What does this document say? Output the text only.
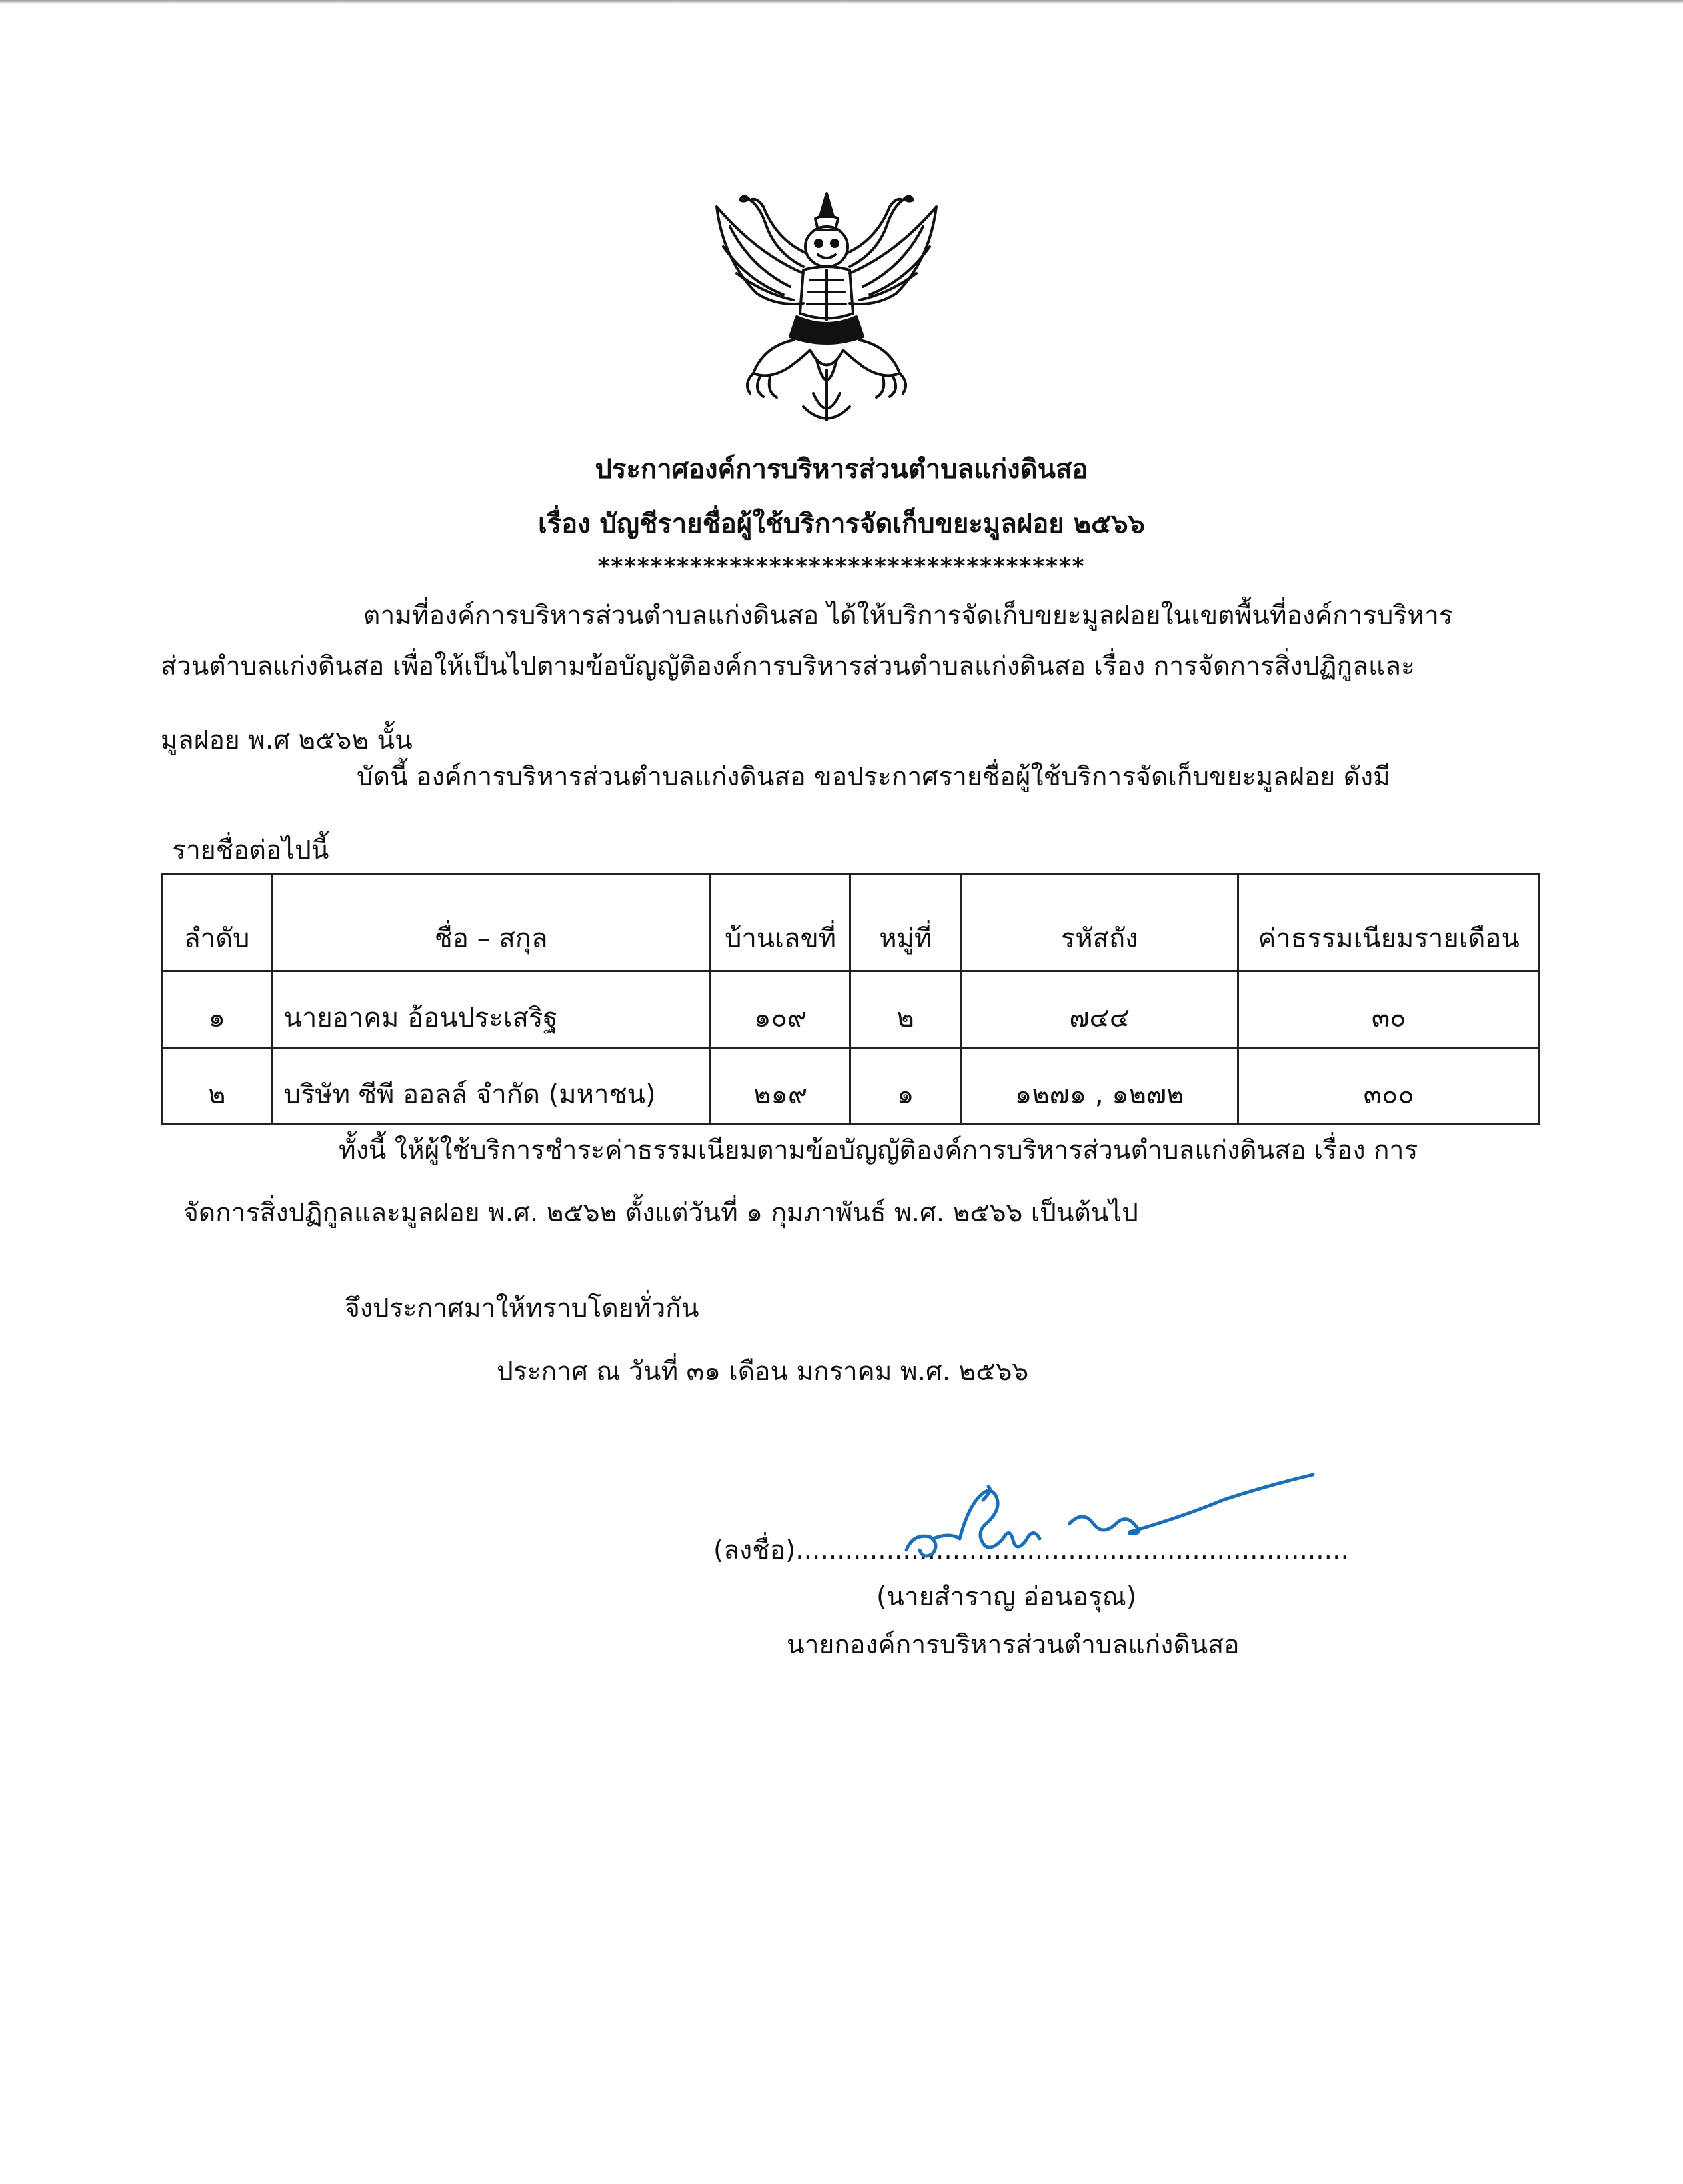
ประกาศองค์การบริหารส่วนตำบลแก่งดินสอ
เรื่อง บัญชีรายชื่อผู้ใช้บริการจัดเก็บขยะมูลฝอย ๒๕๖๖
*************************************
ตามที่องค์การบริหารส่วนตำบลแก่งดินสอ ได้ให้บริการจัดเก็บขยะมูลฝอยในเขตพื้นที่องค์การบริหาร
ส่วนตำบลแก่งดินสอ เพื่อให้เป็นไปตามข้อบัญญัติองค์การบริหารส่วนตำบลแก่งดินสอ เรื่อง การจัดการสิ่งปฏิกูลและ
มูลฝอย พ.ศ ๒๕๖๒ นั้น
บัดนี้ องค์การบริหารส่วนตำบลแก่งดินสอ ขอประกาศรายชื่อผู้ใช้บริการจัดเก็บขยะมูลฝอย ดังมี
รายชื่อต่อไปนี้
ลำดับ	ชื่อ – สกุล	บ้านเลขที่	หมู่ที่	รหัสถัง	ค่าธรรมเนียมรายเดือน
๑	นายอาคม อ้อนประเสริฐ	๑๐๙	๒	๗๔๔	๓๐
๒	บริษัท ซีพี ออลล์ จำกัด (มหาชน)	๒๑๙	๑	๑๒๗๑ , ๑๒๗๒	๓๐๐
ทั้งนี้ ให้ผู้ใช้บริการชำระค่าธรรมเนียมตามข้อบัญญัติองค์การบริหารส่วนตำบลแก่งดินสอ เรื่อง การ
จัดการสิ่งปฏิกูลและมูลฝอย พ.ศ. ๒๕๖๒ ตั้งแต่วันที่ ๑ กุมภาพันธ์ พ.ศ. ๒๕๖๖ เป็นต้นไป
จึงประกาศมาให้ทราบโดยทั่วกัน
ประกาศ ณ วันที่ ๓๑ เดือน มกราคม พ.ศ. ๒๕๖๖
(ลงชื่อ)...................................................................
(นายสำราญ อ่อนอรุณ)
นายกองค์การบริหารส่วนตำบลแก่งดินสอ
